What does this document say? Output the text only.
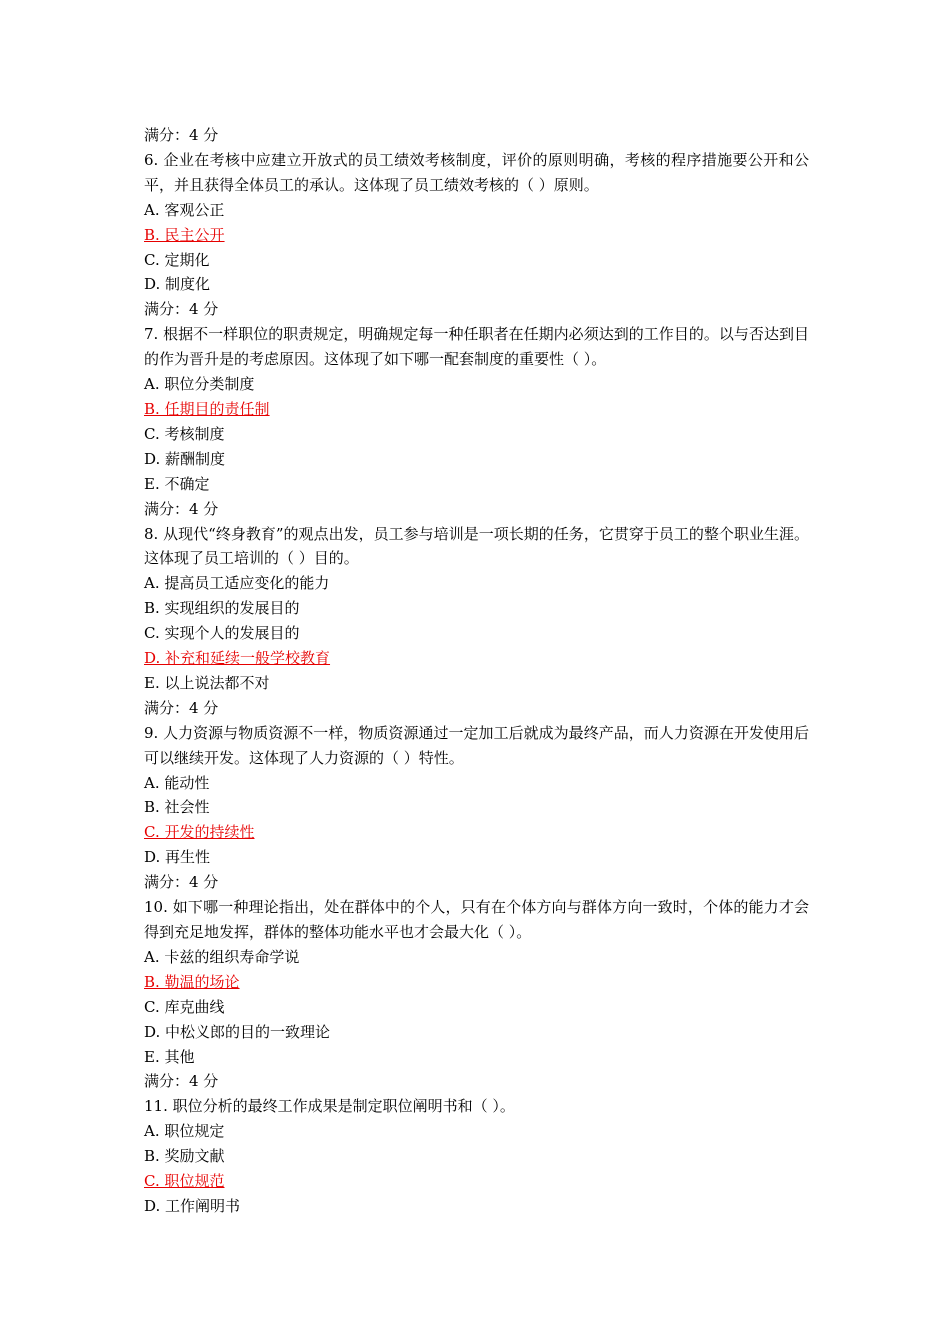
满分：4 分
6. 企业在考核中应建立开放式的员工绩效考核制度，评价的原则明确，考核的程序措施要公开和公平，并且获得全体员工的承认。这体现了员工绩效考核的（ ）原则。
A. 客观公正
B. 民主公开
C. 定期化
D. 制度化
满分：4 分
7. 根据不一样职位的职责规定，明确规定每一种任职者在任期内必须达到的工作目的。以与否达到目的作为晋升是的考虑原因。这体现了如下哪一配套制度的重要性（ ）。
A. 职位分类制度
B. 任期目的责任制
C. 考核制度
D. 薪酬制度
E. 不确定
满分：4 分
8. 从现代“终身教育”的观点出发，员工参与培训是一项长期的任务，它贯穿于员工的整个职业生涯。这体现了员工培训的（ ）目的。
A. 提高员工适应变化的能力
B. 实现组织的发展目的
C. 实现个人的发展目的
D. 补充和延续一般学校教育
E. 以上说法都不对
满分：4 分
9. 人力资源与物质资源不一样，物质资源通过一定加工后就成为最终产品，而人力资源在开发使用后可以继续开发。这体现了人力资源的（ ）特性。
A. 能动性
B. 社会性
C. 开发的持续性
D. 再生性
满分：4 分
10. 如下哪一种理论指出，处在群体中的个人，只有在个体方向与群体方向一致时，个体的能力才会得到充足地发挥，群体的整体功能水平也才会最大化（ ）。
A. 卡兹的组织寿命学说
B. 勒温的场论
C. 库克曲线
D. 中松义郎的目的一致理论
E. 其他
满分：4 分
11. 职位分析的最终工作成果是制定职位阐明书和（ ）。
A. 职位规定
B. 奖励文献
C. 职位规范
D. 工作阐明书
